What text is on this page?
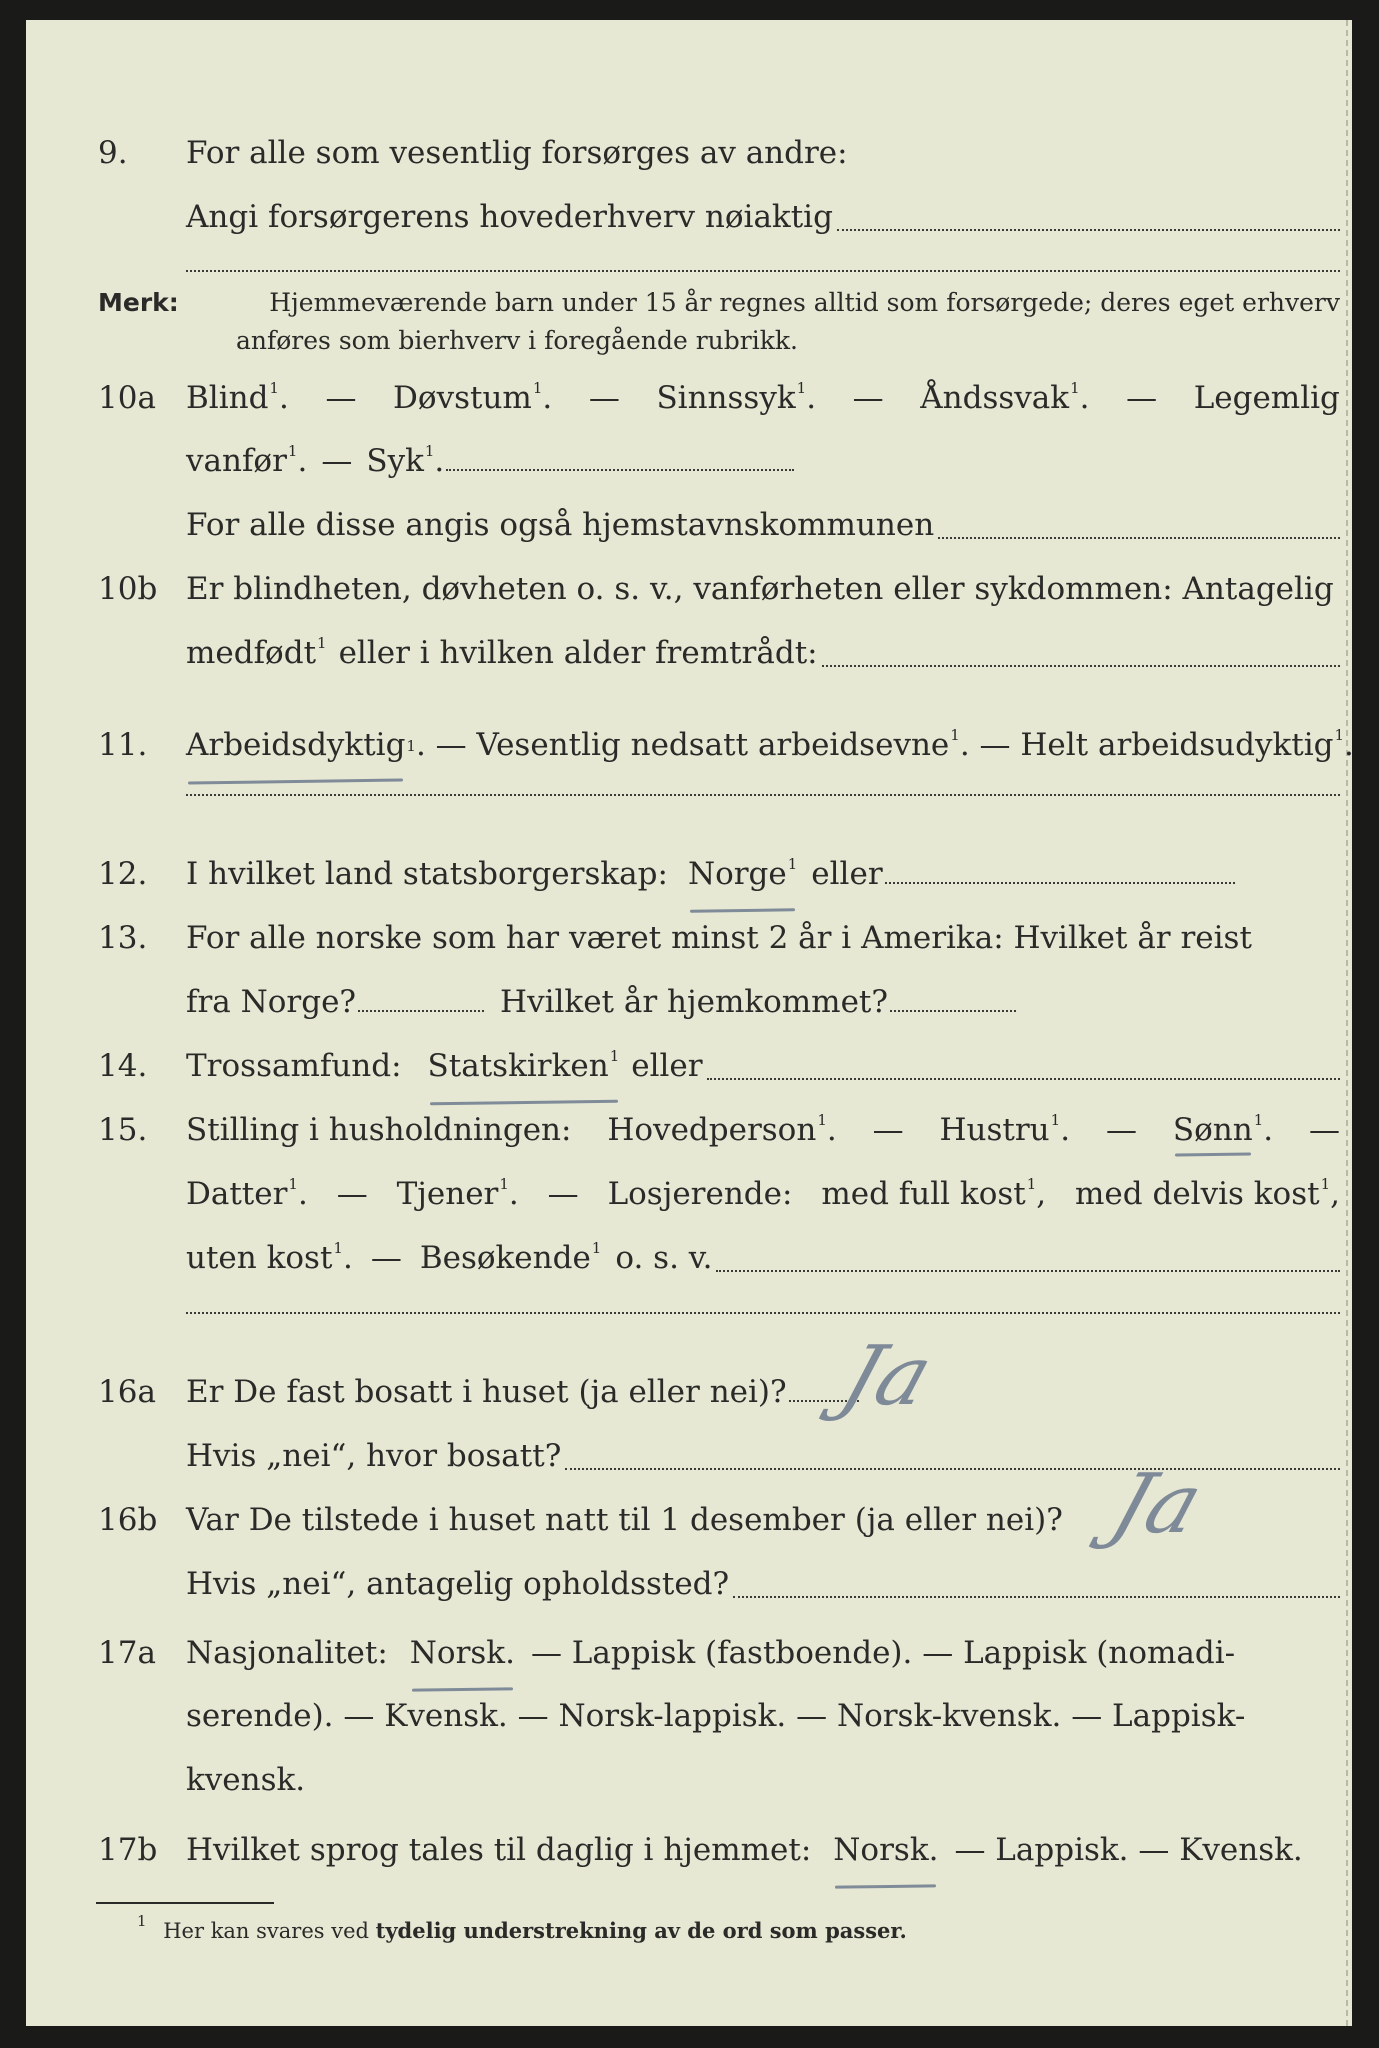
9.	For alle som vesentlig forsørges av andre:
Angi forsørgerens hovederhverv nøiaktig
Merk:	Hjemmeværende barn under 15 år regnes alltid som forsørgede; deres eget erhverv
anføres som bierhverv i foregående rubrikk.
10a Blind$^1$. — Døvstum$^1$. — Sinnssyk$^1$. — Åndssvak$^1$. — Legemlig
vanfør$^1$. — Syk$^1$.
For alle disse angis også hjemstavnskommunen
10b Er blindheten, døvheten o. s. v., vanførheten eller sykdommen: Antagelig
medfødt$^1$ eller i hvilken alder fremtrådt:
11.	Arbeidsdyktig$^1$ . — Vesentlig nedsatt arbeidsevne$^1$ . — Helt arbeidsudyktig$^1$.
12.	I hvilket land statsborgerskap: Norge$^1$ eller
13.	For alle norske som har været minst 2 år i Amerika: Hvilket år reist
fra Norge?	Hvilket år hjemkommet?
14.	Trossamfund: Statskirken$^1$ eller
15.	Stilling i husholdningen: Hovedperson$^1$. — Hustru$^1$. — Sønn$^1$. —
Datter$^1$. — Tjener$^1$. — Losjerende: med full kost$^1$, med delvis kost$^1$,
uten kost$^1$. — Besøkende$^1$ o. s. v.
16a Er De fast bosatt i huset (ja eller nei)? Ja
Hvis „nei“, hvor bosatt?
16b Var De tilstede i huset natt til 1 desember (ja eller nei)? Ja
Hvis „nei“, antagelig opholdssted?
17a Nasjonalitet: Norsk. — Lappisk (fastboende). — Lappisk (nomadi-
serende). — Kvensk. — Norsk-lappisk. — Norsk-kvensk. — Lappisk-
kvensk.
17b Hvilket sprog tales til daglig i hjemmet: Norsk. — Lappisk. — Kvensk.
$^1$ Her kan svares ved tydelig understrekning av de ord som passer.
